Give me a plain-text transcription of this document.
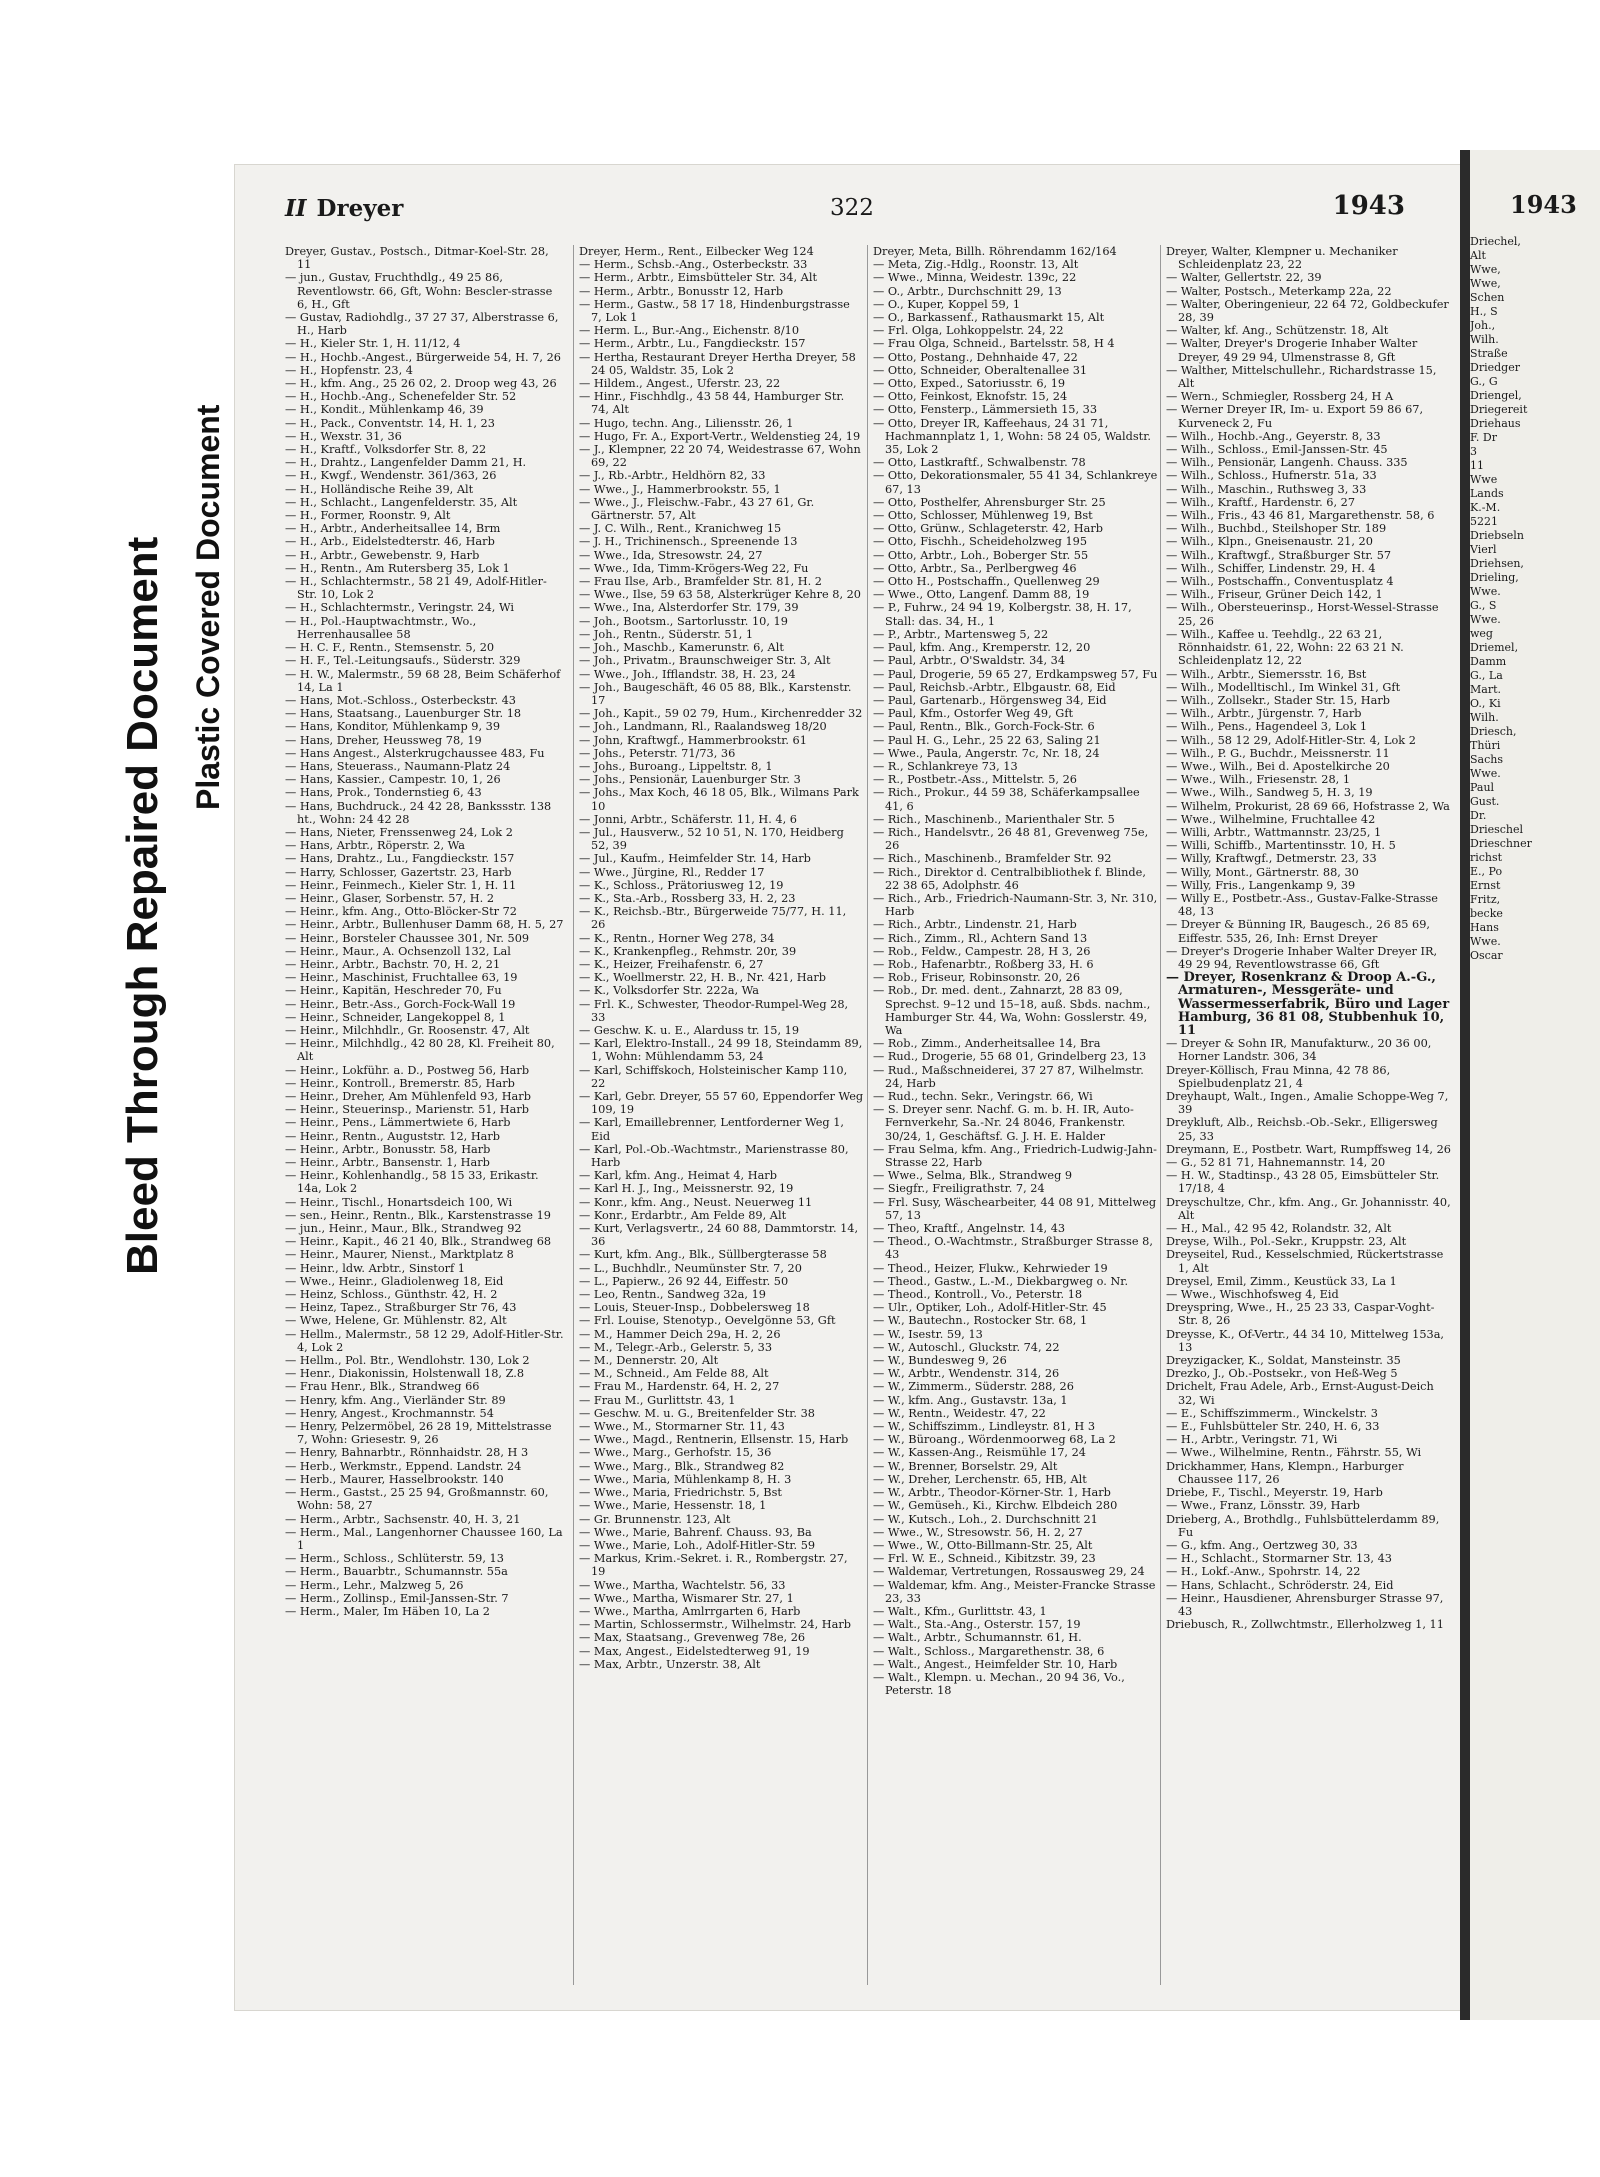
Bleed Through Repaired Document Plastic Covered Document
II Dreyer	322	1943
Dreyer, Gustav., Postsch., Ditmar-Koel-Str. 28, 11
— jun., Gustav, Fruchthdlg., 49 25 86, Reventlowstr. 66, Gft, Wohn: Bescler-strasse 6, H., Gft
— Gustav, Radiohdlg., 37 27 37, Alberstrasse 6, H., Harb
— H., Kieler Str. 1, H. 11/12, 4
— H., Hochb.-Angest., Bürgerweide 54, H. 7, 26
— H., Hopfenstr. 23, 4
— H., kfm. Ang., 25 26 02, 2. Droop weg 43, 26
— H., Hochb.-Ang., Schenefelder Str. 52
— H., Kondit., Mühlenkamp 46, 39
— H., Pack., Conventstr. 14, H. 1, 23
— H., Wexstr. 31, 36
— H., Kraftf., Volksdorfer Str. 8, 22
— H., Drahtz., Langenfelder Damm 21, H.
— H., Kwgf., Wendenstr. 361/363, 26
— H., Holländische Reihe 39, Alt
— H., Schlacht., Langenfelderstr. 35, Alt
— H., Former, Roonstr. 9, Alt
— H., Arbtr., Anderheitsallee 14, Brm
— H., Arb., Eidelstedterstr. 46, Harb
— H., Arbtr., Gewebenstr. 9, Harb
— H., Rentn., Am Rutersberg 35, Lok 1
— H., Schlachtermstr., 58 21 49, Adolf-Hitler-Str. 10, Lok 2
— H., Schlachtermstr., Veringstr. 24, Wi
— H., Pol.-Hauptwachtmstr., Wo., Herrenhausallee 58
— H. C. F., Rentn., Stemsenstr. 5, 20
— H. F., Tel.-Leitungsaufs., Süderstr. 329
— H. W., Malermstr., 59 68 28, Beim Schäferhof 14, La 1
— Hans, Mot.-Schloss., Osterbeckstr. 43
— Hans, Staatsang., Lauenburger Str. 18
— Hans, Konditor, Mühlenkamp 9, 39
— Hans, Dreher, Heussweg 78, 19
— Hans Angest., Alsterkrugchaussee 483, Fu
— Hans, Steuerass., Naumann-Platz 24
— Hans, Kassier., Campestr. 10, 1, 26
— Hans, Prok., Tondernstieg 6, 43
— Hans, Buchdruck., 24 42 28, Bankssstr. 138 ht., Wohn: 24 42 28
— Hans, Nieter, Frenssenweg 24, Lok 2
— Hans, Arbtr., Röperstr. 2, Wa
— Hans, Drahtz., Lu., Fangdieckstr. 157
— Harry, Schlosser, Gazertstr. 23, Harb
— Heinr., Feinmech., Kieler Str. 1, H. 11
— Heinr., Glaser, Sorbenstr. 57, H. 2
— Heinr., kfm. Ang., Otto-Blöcker-Str 72
— Heinr., Arbtr., Bullenhuser Damm 68, H. 5, 27
— Heinr., Borsteler Chaussee 301, Nr. 509
— Heinr., Maur., A. Ochsenzoll 132, Lal
— Heinr., Arbtr., Bachstr. 70, H. 2, 21
— Heinr., Maschinist, Fruchtallee 63, 19
— Heinr., Kapitän, Heschreder 70, Fu
— Heinr., Betr.-Ass., Gorch-Fock-Wall 19
— Heinr., Schneider, Langekoppel 8, 1
— Heinr., Milchhdlr., Gr. Roosenstr. 47, Alt
— Heinr., Milchhdlg., 42 80 28, Kl. Freiheit 80, Alt
— Heinr., Lokführ. a. D., Postweg 56, Harb
— Heinr., Kontroll., Bremerstr. 85, Harb
— Heinr., Dreher, Am Mühlenfeld 93, Harb
— Heinr., Steuerinsp., Marienstr. 51, Harb
— Heinr., Pens., Lämmertwiete 6, Harb
— Heinr., Rentn., Auguststr. 12, Harb
— Heinr., Arbtr., Bonusstr. 58, Harb
— Heinr., Arbtr., Bansenstr. 1, Harb
— Heinr., Kohlenhandlg., 58 15 33, Erikastr. 14a, Lok 2
— Heinr., Tischl., Honartsdeich 100, Wi
— sen., Heinr., Rentn., Blk., Karstenstrasse 19
— jun., Heinr., Maur., Blk., Strandweg 92
— Heinr., Kapit., 46 21 40, Blk., Strandweg 68
— Heinr., Maurer, Nienst., Marktplatz 8
— Heinr., ldw. Arbtr., Sinstorf 1
— Wwe., Heinr., Gladiolenweg 18, Eid
— Heinz, Schloss., Günthstr. 42, H. 2
— Heinz, Tapez., Straßburger Str 76, 43
— Wwe, Helene, Gr. Mühlenstr. 82, Alt
— Hellm., Malermstr., 58 12 29, Adolf-Hitler-Str. 4, Lok 2
— Hellm., Pol. Btr., Wendlohstr. 130, Lok 2
— Henr., Diakonissin, Holstenwall 18, Z.8
— Frau Henr., Blk., Strandweg 66
— Henry, kfm. Ang., Vierländer Str. 89
— Henry, Angest., Krochmannstr. 54
— Henry, Pelzermöbel, 26 28 19, Mittelstrasse 7, Wohn: Griesestr. 9, 26
— Henry, Bahnarbtr., Rönnhaidstr. 28, H 3
— Herb., Werkmstr., Eppend. Landstr. 24
— Herb., Maurer, Hasselbrookstr. 140
— Herm., Gastst., 25 25 94, Großmannstr. 60, Wohn: 58, 27
— Herm., Arbtr., Sachsenstr. 40, H. 3, 21
— Herm., Mal., Langenhorner Chaussee 160, La 1
— Herm., Schloss., Schlüterstr. 59, 13
— Herm., Bauarbtr., Schumannstr. 55a
— Herm., Lehr., Malzweg 5, 26
— Herm., Zollinsp., Emil-Janssen-Str. 7
— Herm., Maler, Im Häben 10, La 2
Dreyer, Herm., Rent., Eilbecker Weg 124
— Herm., Schsb.-Ang., Osterbeckstr. 33
— Herm., Arbtr., Eimsbütteler Str. 34, Alt
— Herm., Arbtr., Bonusstr 12, Harb
— Herm., Gastw., 58 17 18, Hindenburgstrasse 7, Lok 1
— Herm. L., Bur.-Ang., Eichenstr. 8/10
— Herm., Arbtr., Lu., Fangdieckstr. 157
— Hertha, Restaurant Dreyer Hertha Dreyer, 58 24 05, Waldstr. 35, Lok 2
— Hildem., Angest., Uferstr. 23, 22
— Hinr., Fischhdlg., 43 58 44, Hamburger Str. 74, Alt
— Hugo, techn. Ang., Liliensstr. 26, 1
— Hugo, Fr. A., Export-Vertr., Weldenstieg 24, 19
— J., Klempner, 22 20 74, Weidestrasse 67, Wohn 69, 22
— J., Rb.-Arbtr., Heldhörn 82, 33
— Wwe., J., Hammerbrookstr. 55, 1
— Wwe., J., Fleischw.-Fabr., 43 27 61, Gr. Gärtnerstr. 57, Alt
— J. C. Wilh., Rent., Kranichweg 15
— J. H., Trichinensch., Spreenende 13
— Wwe., Ida, Stresowstr. 24, 27
— Wwe., Ida, Timm-Krögers-Weg 22, Fu
— Frau Ilse, Arb., Bramfelder Str. 81, H. 2
— Wwe., Ilse, 59 63 58, Alsterkrüger Kehre 8, 20
— Wwe., Ina, Alsterdorfer Str. 179, 39
— Joh., Bootsm., Sartorlusstr. 10, 19
— Joh., Rentn., Süderstr. 51, 1
— Joh., Maschb., Kamerunstr. 6, Alt
— Joh., Privatm., Braunschweiger Str. 3, Alt
— Wwe., Joh., Ifflandstr. 38, H. 23, 24
— Joh., Baugeschäft, 46 05 88, Blk., Karstenstr. 17
— Joh., Kapit., 59 02 79, Hum., Kirchenredder 32
— Joh., Landmann, Rl., Raalandsweg 18/20
— John, Kraftwgf., Hammerbrookstr. 61
— Johs., Peterstr. 71/73, 36
— Johs., Buroang., Lippeltstr. 8, 1
— Johs., Pensionär, Lauenburger Str. 3
— Johs., Max Koch, 46 18 05, Blk., Wilmans Park 10
— Jonni, Arbtr., Schäferstr. 11, H. 4, 6
— Jul., Hausverw., 52 10 51, N. 170, Heidberg 52, 39
— Jul., Kaufm., Heimfelder Str. 14, Harb
— Wwe., Jürgine, Rl., Redder 17
— K., Schloss., Prätoriusweg 12, 19
— K., Sta.-Arb., Rossberg 33, H. 2, 23
— K., Reichsb.-Btr., Bürgerweide 75/77, H. 11, 26
— K., Rentn., Horner Weg 278, 34
— K., Krankenpfleg., Rehmstr. 20r, 39
— K., Heizer, Freihafenstr. 6, 27
— K., Woellmerstr. 22, H. B., Nr. 421, Harb
— K., Volksdorfer Str. 222a, Wa
— Frl. K., Schwester, Theodor-Rumpel-Weg 28, 33
— Geschw. K. u. E., Alarduss tr. 15, 19
— Karl, Elektro-Install., 24 99 18, Steindamm 89, 1, Wohn: Mühlendamm 53, 24
— Karl, Schiffskoch, Holsteinischer Kamp 110, 22
— Karl, Gebr. Dreyer, 55 57 60, Eppendorfer Weg 109, 19
— Karl, Emaillebrenner, Lentforderner Weg 1, Eid
— Karl, Pol.-Ob.-Wachtmstr., Marienstrasse 80, Harb
— Karl, kfm. Ang., Heimat 4, Harb
— Karl H. J., Ing., Meissnerstr. 92, 19
— Konr., kfm. Ang., Neust. Neuerweg 11
— Konr., Erdarbtr., Am Felde 89, Alt
— Kurt, Verlagsvertr., 24 60 88, Dammtorstr. 14, 36
— Kurt, kfm. Ang., Blk., Süllbergterasse 58
— L., Buchhdlr., Neumünster Str. 7, 20
— L., Papierw., 26 92 44, Eiffestr. 50
— Leo, Rentn., Sandweg 32a, 19
— Louis, Steuer-Insp., Dobbelersweg 18
— Frl. Louise, Stenotyp., Oevelgönne 53, Gft
— M., Hammer Deich 29a, H. 2, 26
— M., Telegr.-Arb., Gelerstr. 5, 33
— M., Dennerstr. 20, Alt
— M., Schneid., Am Felde 88, Alt
— Frau M., Hardenstr. 64, H. 2, 27
— Frau M., Gurlittstr. 43, 1
— Geschw. M. u. G., Breitenfelder Str. 38
— Wwe., M., Stormarner Str. 11, 43
— Wwe., Magd., Rentnerin, Ellsenstr. 15, Harb
— Wwe., Marg., Gerhofstr. 15, 36
— Wwe., Marg., Blk., Strandweg 82
— Wwe., Maria, Mühlenkamp 8, H. 3
— Wwe., Maria, Friedrichstr. 5, Bst
— Wwe., Marie, Hessenstr. 18, 1
— Gr. Brunnenstr. 123, Alt
— Wwe., Marie, Bahrenf. Chauss. 93, Ba
— Wwe., Marie, Loh., Adolf-Hitler-Str. 59
— Markus, Krim.-Sekret. i. R., Rombergstr. 27, 19
— Wwe., Martha, Wachtelstr. 56, 33
— Wwe., Martha, Wismarer Str. 27, 1
— Wwe., Martha, Amlrrgarten 6, Harb
— Martin, Schlossermstr., Wilhelmstr. 24, Harb
— Max, Staatsang., Grevenweg 78e, 26
— Max, Angest., Eidelstedterweg 91, 19
— Max, Arbtr., Unzerstr. 38, Alt
Dreyer, Meta, Billh. Röhrendamm 162/164
— Meta, Zig.-Hdlg., Roonstr. 13, Alt
— Wwe., Minna, Weidestr. 139c, 22
— O., Arbtr., Durchschnitt 29, 13
— O., Kuper, Koppel 59, 1
— O., Barkassenf., Rathausmarkt 15, Alt
— Frl. Olga, Lohkoppelstr. 24, 22
— Frau Olga, Schneid., Bartelsstr. 58, H 4
— Otto, Postang., Dehnhaide 47, 22
— Otto, Schneider, Oberaltenallee 31
— Otto, Exped., Satoriusstr. 6, 19
— Otto, Feinkost, Eknofstr. 15, 24
— Otto, Fensterp., Lämmersieth 15, 33
— Otto, Dreyer IR, Kaffeehaus, 24 31 71, Hachmannplatz 1, 1, Wohn: 58 24 05, Waldstr. 35, Lok 2
— Otto, Lastkraftf., Schwalbenstr. 78
— Otto, Dekorationsmaler, 55 41 34, Schlankreye 67, 13
— Otto, Posthelfer, Ahrensburger Str. 25
— Otto, Schlosser, Mühlenweg 19, Bst
— Otto, Grünw., Schlageterstr. 42, Harb
— Otto, Fischh., Scheideholzweg 195
— Otto, Arbtr., Loh., Boberger Str. 55
— Otto, Arbtr., Sa., Perlbergweg 46
— Otto H., Postschaffn., Quellenweg 29
— Wwe., Otto, Langenf. Damm 88, 19
— P., Fuhrw., 24 94 19, Kolbergstr. 38, H. 17, Stall: das. 34, H., 1
— P., Arbtr., Martensweg 5, 22
— Paul, kfm. Ang., Kremperstr. 12, 20
— Paul, Arbtr., O'Swaldstr. 34, 34
— Paul, Drogerie, 59 65 27, Erdkampsweg 57, Fu
— Paul, Reichsb.-Arbtr., Elbgaustr. 68, Eid
— Paul, Gartenarb., Hörgensweg 34, Eid
— Paul, Kfm., Ostorfer Weg 49, Gft
— Paul, Rentn., Blk., Gorch-Fock-Str. 6
— Paul H. G., Lehr., 25 22 63, Saling 21
— Wwe., Paula, Angerstr. 7c, Nr. 18, 24
— R., Schlankreye 73, 13
— R., Postbetr.-Ass., Mittelstr. 5, 26
— Rich., Prokur., 44 59 38, Schäferkampsallee 41, 6
— Rich., Maschinenb., Marienthaler Str. 5
— Rich., Handelsvtr., 26 48 81, Grevenweg 75e, 26
— Rich., Maschinenb., Bramfelder Str. 92
— Rich., Direktor d. Centralbibliothek f. Blinde, 22 38 65, Adolphstr. 46
— Rich., Arb., Friedrich-Naumann-Str. 3, Nr. 310, Harb
— Rich., Arbtr., Lindenstr. 21, Harb
— Rich., Zimm., Rl., Achtern Sand 13
— Rob., Feldw., Campestr. 28, H 3, 26
— Rob., Hafenarbtr., Roßberg 33, H. 6
— Rob., Friseur, Robinsonstr. 20, 26
— Rob., Dr. med. dent., Zahnarzt, 28 83 09, Sprechst. 9–12 und 15–18, auß. Sbds. nachm., Hamburger Str. 44, Wa, Wohn: Gosslerstr. 49, Wa
— Rob., Zimm., Anderheitsallee 14, Bra
— Rud., Drogerie, 55 68 01, Grindelberg 23, 13
— Rud., Maßschneiderei, 37 27 87, Wilhelmstr. 24, Harb
— Rud., techn. Sekr., Veringstr. 66, Wi
— S. Dreyer senr. Nachf. G. m. b. H. IR, Auto-Fernverkehr, Sa.-Nr. 24 8046, Frankenstr. 30/24, 1, Geschäftsf. G. J. H. E. Halder
— Frau Selma, kfm. Ang., Friedrich-Ludwig-Jahn-Strasse 22, Harb
— Wwe., Selma, Blk., Strandweg 9
— Siegfr., Freiligrathstr. 7, 24
— Frl. Susy, Wäschearbeiter, 44 08 91, Mittelweg 57, 13
— Theo, Kraftf., Angelnstr. 14, 43
— Theod., O.-Wachtmstr., Straßburger Strasse 8, 43
— Theod., Heizer, Flukw., Kehrwieder 19
— Theod., Gastw., L.-M., Diekbargweg o. Nr.
— Theod., Kontroll., Vo., Peterstr. 18
— Ulr., Optiker, Loh., Adolf-Hitler-Str. 45
— W., Bautechn., Rostocker Str. 68, 1
— W., Isestr. 59, 13
— W., Autoschl., Gluckstr. 74, 22
— W., Bundesweg 9, 26
— W., Arbtr., Wendenstr. 314, 26
— W., Zimmerm., Süderstr. 288, 26
— W., kfm. Ang., Gustavstr. 13a, 1
— W., Rentn., Weidestr. 47, 22
— W., Schiffszimm., Lindleystr. 81, H 3
— W., Büroang., Wördenmoorweg 68, La 2
— W., Kassen-Ang., Reismühle 17, 24
— W., Brenner, Borselstr. 29, Alt
— W., Dreher, Lerchenstr. 65, HB, Alt
— W., Arbtr., Theodor-Körner-Str. 1, Harb
— W., Gemüseh., Ki., Kirchw. Elbdeich 280
— W., Kutsch., Loh., 2. Durchschnitt 21
— Wwe., W., Stresowstr. 56, H. 2, 27
— Wwe., W., Otto-Billmann-Str. 25, Alt
— Frl. W. E., Schneid., Kibitzstr. 39, 23
— Waldemar, Vertretungen, Rossausweg 29, 24
— Waldemar, kfm. Ang., Meister-Francke Strasse 23, 33
— Walt., Kfm., Gurlittstr. 43, 1
— Walt., Sta.-Ang., Osterstr. 157, 19
— Walt., Arbtr., Schumannstr. 61, H.
— Walt., Schloss., Margarethenstr. 38, 6
— Walt., Angest., Heimfelder Str. 10, Harb
— Walt., Klempn. u. Mechan., 20 94 36, Vo., Peterstr. 18
Dreyer, Walter, Klempner u. Mechaniker Schleidenplatz 23, 22
— Walter, Gellertstr. 22, 39
— Walter, Postsch., Meterkamp 22a, 22
— Walter, Oberingenieur, 22 64 72, Goldbeckufer 28, 39
— Walter, kf. Ang., Schützenstr. 18, Alt
— Walter, Dreyer's Drogerie Inhaber Walter Dreyer, 49 29 94, Ulmenstrasse 8, Gft
— Walther, Mittelschullehr., Richardstrasse 15, Alt
— Wern., Schmiegler, Rossberg 24, H A
— Werner Dreyer IR, Im- u. Export 59 86 67, Kurveneck 2, Fu
— Wilh., Hochb.-Ang., Geyerstr. 8, 33
— Wilh., Schloss., Emil-Janssen-Str. 45
— Wilh., Pensionär, Langenh. Chauss. 335
— Wilh., Schloss., Hufnerstr. 51a, 33
— Wilh., Maschin., Ruthsweg 3, 33
— Wilh., Kraftf., Hardenstr. 6, 27
— Wilh., Fris., 43 46 81, Margarethenstr. 58, 6
— Wilh., Buchbd., Steilshoper Str. 189
— Wilh., Klpn., Gneisenaustr. 21, 20
— Wilh., Kraftwgf., Straßburger Str. 57
— Wilh., Schiffer, Lindenstr. 29, H. 4
— Wilh., Postschaffn., Conventusplatz 4
— Wilh., Friseur, Grüner Deich 142, 1
— Wilh., Obersteuerinsp., Horst-Wessel-Strasse 25, 26
— Wilh., Kaffee u. Teehdlg., 22 63 21, Rönnhaidstr. 61, 22, Wohn: 22 63 21 N. Schleidenplatz 12, 22
— Wilh., Arbtr., Siemersstr. 16, Bst
— Wilh., Modelltischl., Im Winkel 31, Gft
— Wilh., Zollsekr., Stader Str. 15, Harb
— Wilh., Arbtr., Jürgenstr. 7, Harb
— Wilh., Pens., Hagendeel 3, Lok 1
— Wilh., 58 12 29, Adolf-Hitler-Str. 4, Lok 2
— Wilh., P. G., Buchdr., Meissnerstr. 11
— Wwe., Wilh., Bei d. Apostelkirche 20
— Wwe., Wilh., Friesenstr. 28, 1
— Wwe., Wilh., Sandweg 5, H. 3, 19
— Wilhelm, Prokurist, 28 69 66, Hofstrasse 2, Wa
— Wwe., Wilhelmine, Fruchtallee 42
— Willi, Arbtr., Wattmannstr. 23/25, 1
— Willi, Schiffb., Martentinsstr. 10, H. 5
— Willy, Kraftwgf., Detmerstr. 23, 33
— Willy, Mont., Gärtnerstr. 88, 30
— Willy, Fris., Langenkamp 9, 39
— Willy E., Postbetr.-Ass., Gustav-Falke-Strasse 48, 13
— Dreyer & Bünning IR, Baugesch., 26 85 69, Eiffestr. 535, 26, Inh: Ernst Dreyer
— Dreyer's Drogerie Inhaber Walter Dreyer IR, 49 29 94, Reventlowstrasse 66, Gft
— Dreyer, Rosenkranz & Droop A.-G., Armaturen-, Messgeräte- und Wassermesserfabrik, Büro und Lager Hamburg, 36 81 08, Stubbenhuk 10, 11
— Dreyer & Sohn IR, Manufakturw., 20 36 00, Horner Landstr. 306, 34
Dreyer-Köllisch, Frau Minna, 42 78 86, Spielbudenplatz 21, 4
Dreyhaupt, Walt., Ingen., Amalie Schoppe-Weg 7, 39
Dreykluft, Alb., Reichsb.-Ob.-Sekr., Elligersweg 25, 33
Dreymann, E., Postbetr. Wart, Rumpffsweg 14, 26
— G., 52 81 71, Hahnemannstr. 14, 20
— H. W., Stadtinsp., 43 28 05, Eimsbütteler Str. 17/18, 4
Dreyschultze, Chr., kfm. Ang., Gr. Johannisstr. 40, Alt
— H., Mal., 42 95 42, Rolandstr. 32, Alt
Dreyse, Wilh., Pol.-Sekr., Kruppstr. 23, Alt
Dreyseitel, Rud., Kesselschmied, Rückertstrasse 1, Alt
Dreysel, Emil, Zimm., Keustück 33, La 1
— Wwe., Wischhofsweg 4, Eid
Dreyspring, Wwe., H., 25 23 33, Caspar-Voght-Str. 8, 26
Dreysse, K., Of-Vertr., 44 34 10, Mittelweg 153a, 13
Dreyzigacker, K., Soldat, Mansteinstr. 35
Drezko, J., Ob.-Postsekr., von Heß-Weg 5
Drichelt, Frau Adele, Arb., Ernst-August-Deich 32, Wi
— E., Schiffszimmerm., Winckelstr. 3
— E., Fuhlsbütteler Str. 240, H. 6, 33
— H., Arbtr., Veringstr. 71, Wi
— Wwe., Wilhelmine, Rentn., Fährstr. 55, Wi
Drickhammer, Hans, Klempn., Harburger Chaussee 117, 26
Driebe, F., Tischl., Meyerstr. 19, Harb
— Wwe., Franz, Lönsstr. 39, Harb
Drieberg, A., Brothdlg., Fuhlsbüttelerdamm 89, Fu
— G., kfm. Ang., Oertzweg 30, 33
— H., Schlacht., Stormarner Str. 13, 43
— H., Lokf.-Anw., Spohrstr. 14, 22
— Hans, Schlacht., Schröderstr. 24, Eid
— Heinr., Hausdiener, Ahrensburger Strasse 97, 43
Driebusch, R., Zollwchtmstr., Ellerholzweg 1, 11
1943
Driechel,
Alt
Wwe,
Wwe,
Schen
H., S
Joh.,
Wilh.
Straße
Driedger
G., G
Driengel,
Driegereit
Driehaus
F. Dr
3
11
Wwe
Lands
K.-M.
5221
Driebseln
Vierl
Driehsen,
Drieling,
Wwe.
G., S
Wwe.
weg
Driemel,
Damm
G., La
Mart.
O., Ki
Wilh.
Driesch,
Thüri
Sachs
Wwe.
Paul
Gust.
Dr.
Drieschel
Drieschner
richst
E., Po
Ernst
Fritz,
becke
Hans
Wwe.
Oscar
